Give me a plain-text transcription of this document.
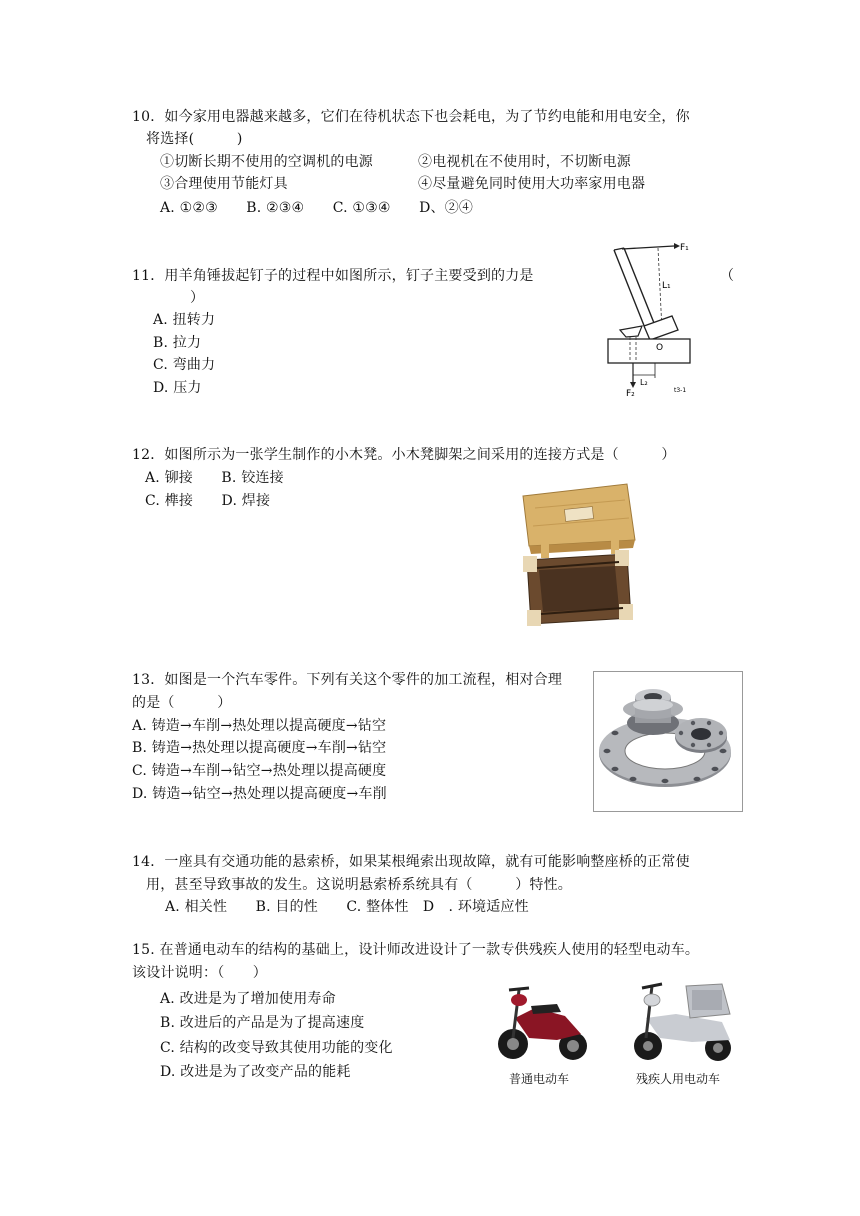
10．如今家用电器越来越多，它们在待机状态下也会耗电，为了节约电能和用电安全，你
将选择(　　　)
①切断长期不使用的空调机的电源	②电视机在不使用时，不切断电源
③合理使用节能灯具	④尽量避免同时使用大功率家用电器
A. ①②③　　B. ②③④　　C. ①③④　　D、②④
11．用羊角锤拔起钉子的过程中如图所示，钉子主要受到的力是	（
）
A. 扭转力
B. 拉力
C. 弯曲力
D. 压力
F₁
L₁
O
F₂
L₂
t3-1
12．如图所示为一张学生制作的小木凳。小木凳脚架之间采用的连接方式是（　　　）
A. 铆接　　B. 铰连接
C. 榫接　　D. 焊接
13．如图是一个汽车零件。下列有关这个零件的加工流程，相对合理
的是（　　　）
A. 铸造→车削→热处理以提高硬度→钻空
B. 铸造→热处理以提高硬度→车削→钻空
C. 铸造→车削→钻空→热处理以提高硬度
D. 铸造→钻空→热处理以提高硬度→车削
14．一座具有交通功能的悬索桥，如果某根绳索出现故障，就有可能影响整座桥的正常使
用，甚至导致事故的发生。这说明悬索桥系统具有（　　　）特性。
A. 相关性　　B. 目的性　　C. 整体性　D　. 环境适应性
15. 在普通电动车的结构的基础上，设计师改进设计了一款专供残疾人使用的轻型电动车。
该设计说明：（　　）
A. 改进是为了增加使用寿命
B. 改进后的产品是为了提高速度
C. 结构的改变导致其使用功能的变化
D. 改进是为了改变产品的能耗	普通电动车	残疾人用电动车
